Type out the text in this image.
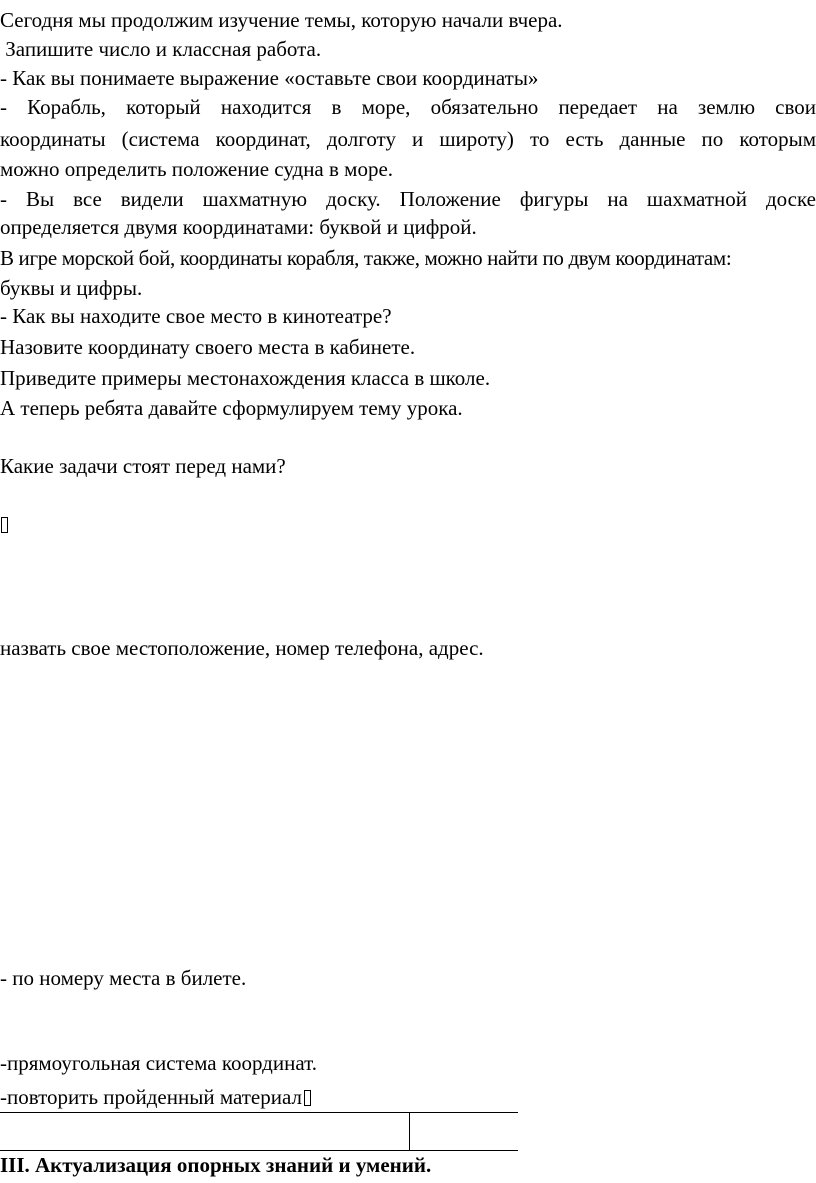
Сегодня мы продолжим изучение темы, которую начали вчера.
Запишите число и классная работа.
- Как вы понимаете выражение «оставьте свои координаты»
- Корабль, который находится в море, обязательно передает на землю свои
координаты (система координат, долготу и широту) то есть данные по которым
можно определить положение судна в море.
- Вы все видели шахматную доску. Положение фигуры на шахматной доске
определяется двумя координатами: буквой и цифрой.
В игре морской бой, координаты корабля, также, можно найти по двум координатам:
буквы и цифры.
- Как вы находите свое место в кинотеатре?
Назовите координату своего места в кабинете.
Приведите примеры местонахождения класса в школе.
А теперь ребята давайте сформулируем тему урока.
Какие задачи стоят перед нами?
назвать свое местоположение, номер телефона, адрес.
- по номеру места в билете.
-прямоугольная система координат.
-повторить пройденный материал
III. Актуализация опорных знаний и умений.
